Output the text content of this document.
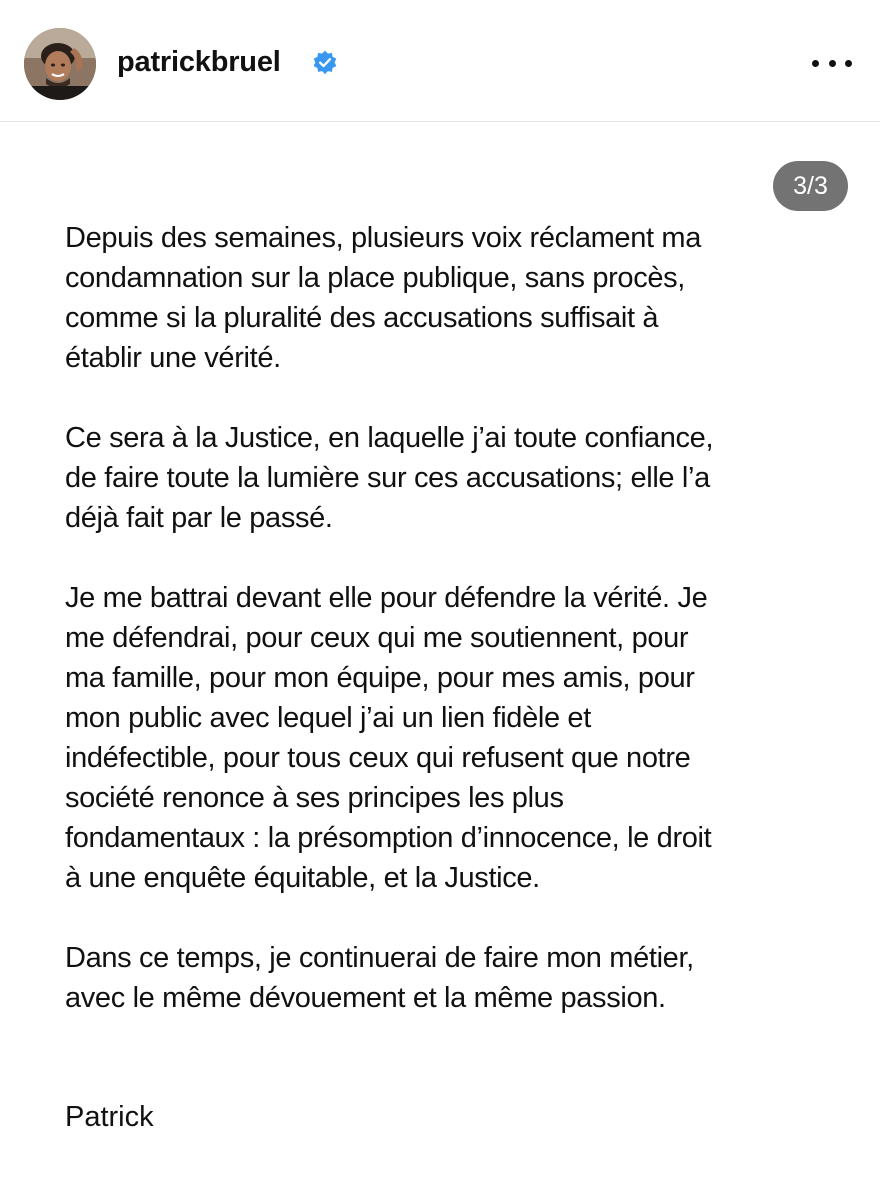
patrickbruel
3/3

Depuis des semaines, plusieurs voix réclament ma
condamnation sur la place publique, sans procès,
comme si la pluralité des accusations suffisait à
établir une vérité.

Ce sera à la Justice, en laquelle j’ai toute confiance,
de faire toute la lumière sur ces accusations; elle l’a
déjà fait par le passé.

Je me battrai devant elle pour défendre la vérité. Je
me défendrai, pour ceux qui me soutiennent, pour
ma famille, pour mon équipe, pour mes amis, pour
mon public avec lequel j’ai un lien fidèle et
indéfectible, pour tous ceux qui refusent que notre
société renonce à ses principes les plus
fondamentaux : la présomption d’innocence, le droit
à une enquête équitable, et la Justice.

Dans ce temps, je continuerai de faire mon métier,
avec le même dévouement et la même passion.

Patrick
